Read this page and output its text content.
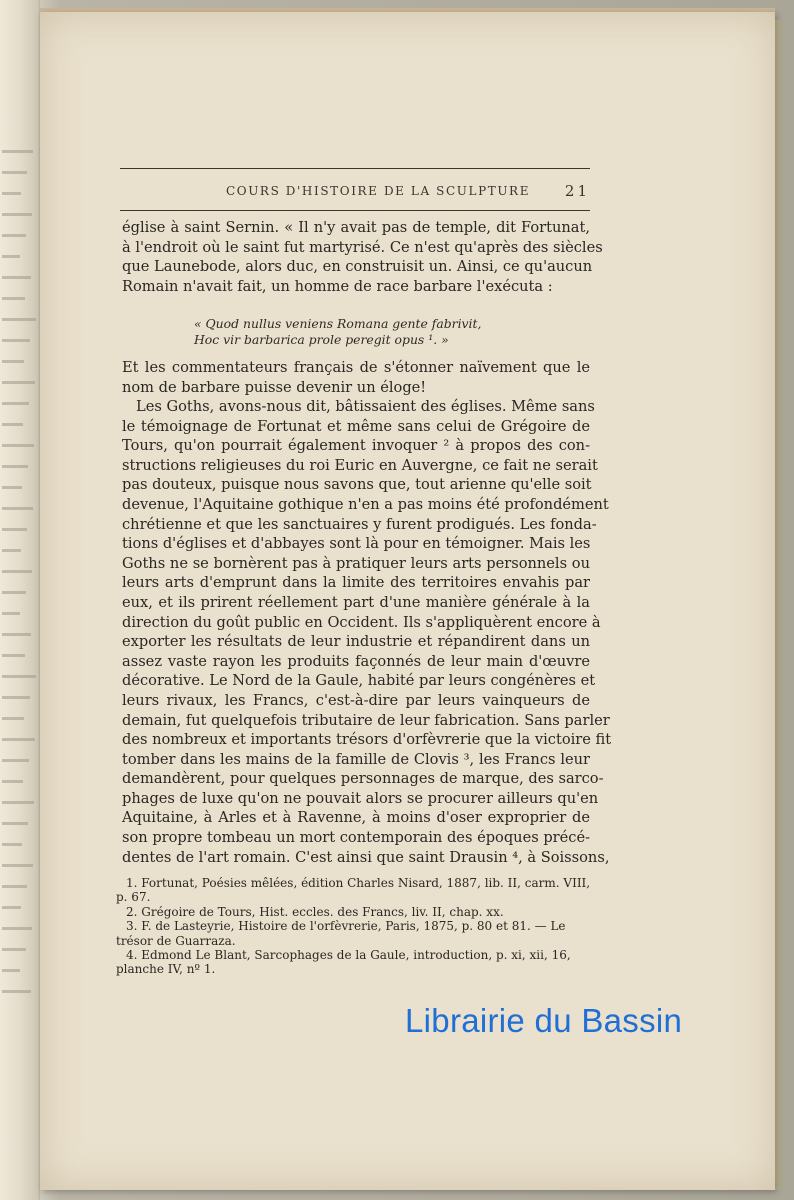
COURS D'HISTOIRE DE LA SCULPTURE 21
église à saint Sernin. « Il n'y avait pas de temple, dit Fortunat,
à l'endroit où le saint fut martyrisé. Ce n'est qu'après des siècles
que Launebode, alors duc, en construisit un. Ainsi, ce qu'aucun
Romain n'avait fait, un homme de race barbare l'exécuta :
« Quod nullus veniens Romana gente fabrivit,
Hoc vir barbarica prole peregit opus ¹. »
Et les commentateurs français de s'étonner naïvement que le
nom de barbare puisse devenir un éloge!
Les Goths, avons-nous dit, bâtissaient des églises. Même sans
le témoignage de Fortunat et même sans celui de Grégoire de
Tours, qu'on pourrait également invoquer ² à propos des con-
structions religieuses du roi Euric en Auvergne, ce fait ne serait
pas douteux, puisque nous savons que, tout arienne qu'elle soit
devenue, l'Aquitaine gothique n'en a pas moins été profondément
chrétienne et que les sanctuaires y furent prodigués. Les fonda-
tions d'églises et d'abbayes sont là pour en témoigner. Mais les
Goths ne se bornèrent pas à pratiquer leurs arts personnels ou
leurs arts d'emprunt dans la limite des territoires envahis par
eux, et ils prirent réellement part d'une manière générale à la
direction du goût public en Occident. Ils s'appliquèrent encore à
exporter les résultats de leur industrie et répandirent dans un
assez vaste rayon les produits façonnés de leur main d'œuvre
décorative. Le Nord de la Gaule, habité par leurs congénères et
leurs rivaux, les Francs, c'est-à-dire par leurs vainqueurs de
demain, fut quelquefois tributaire de leur fabrication. Sans parler
des nombreux et importants trésors d'orfèvrerie que la victoire fit
tomber dans les mains de la famille de Clovis ³, les Francs leur
demandèrent, pour quelques personnages de marque, des sarco-
phages de luxe qu'on ne pouvait alors se procurer ailleurs qu'en
Aquitaine, à Arles et à Ravenne, à moins d'oser exproprier de
son propre tombeau un mort contemporain des époques précé-
dentes de l'art romain. C'est ainsi que saint Drausin ⁴, à Soissons,
1. Fortunat, Poésies mêlées, édition Charles Nisard, 1887, lib. II, carm. VIII,
p. 67.
2. Grégoire de Tours, Hist. eccles. des Francs, liv. II, chap. xx.
3. F. de Lasteyrie, Histoire de l'orfèvrerie, Paris, 1875, p. 80 et 81. — Le
trésor de Guarrazа.
4. Edmond Le Blant, Sarcophages de la Gaule, introduction, p. xi, xii, 16,
planche IV, nº 1.
Librairie du Bassin
